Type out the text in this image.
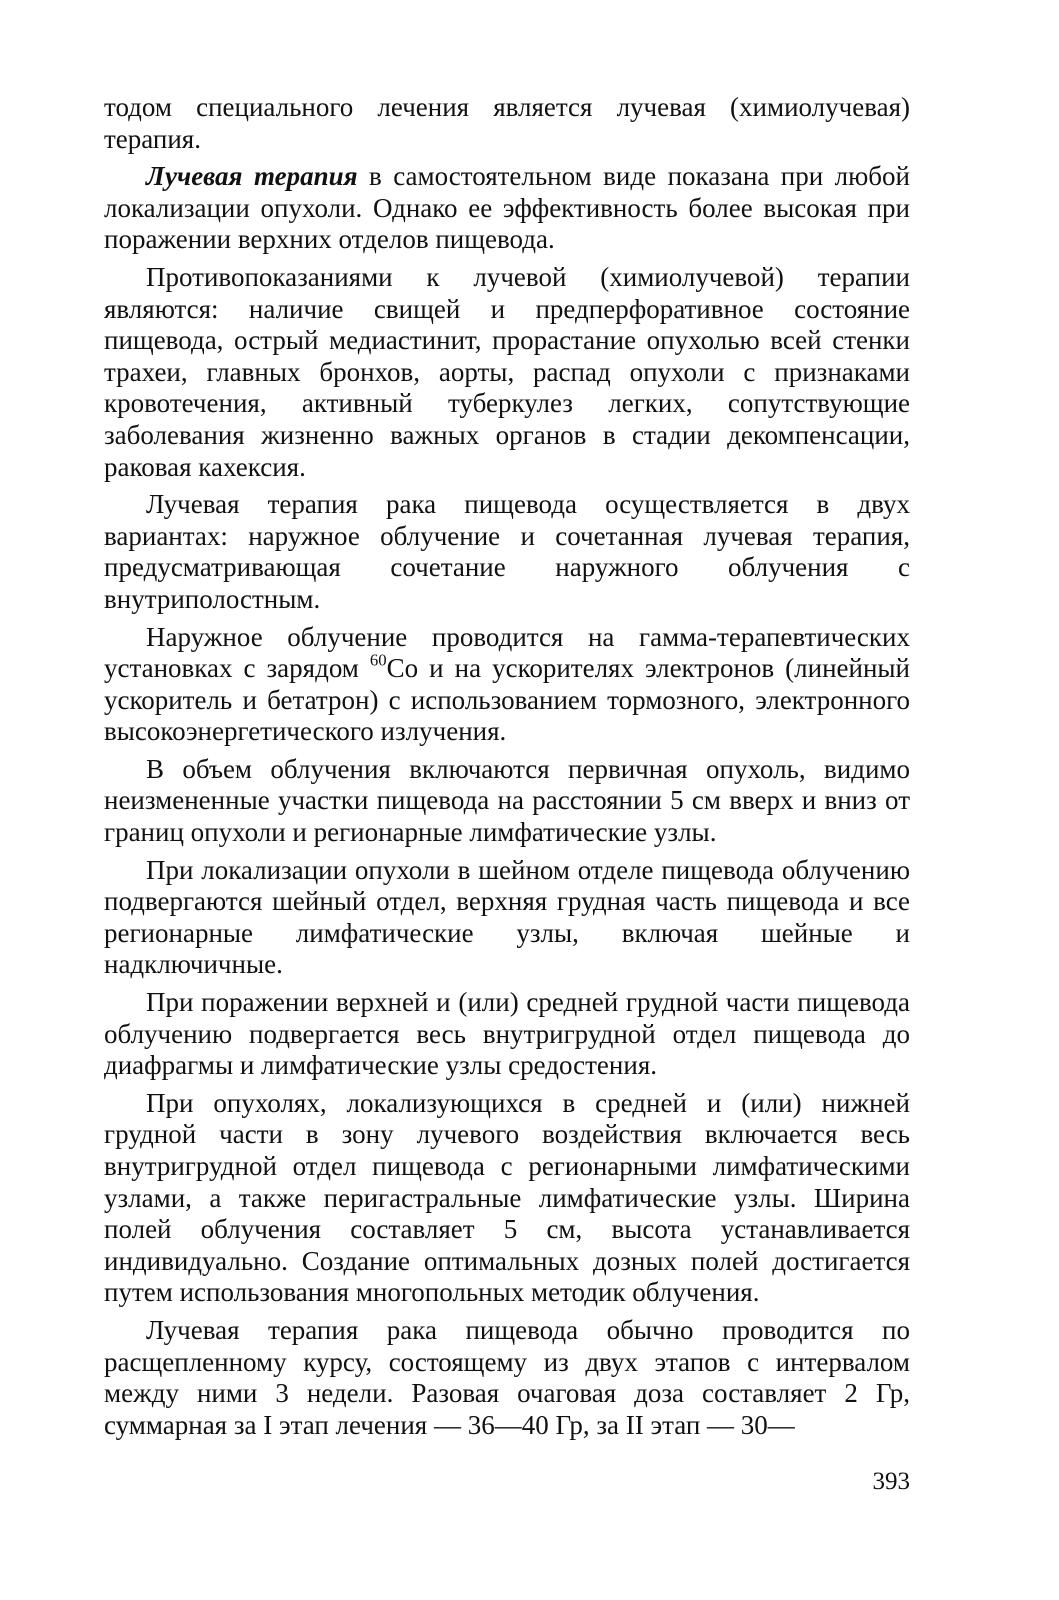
тодом специального лечения является лучевая (химиолучевая) терапия.

Лучевая терапия в самостоятельном виде показана при любой локализации опухоли. Однако ее эффективность более высокая при поражении верхних отделов пищевода.

Противопоказаниями к лучевой (химиолучевой) терапии являются: наличие свищей и предперфоративное состояние пищевода, острый медиастинит, прорастание опухолью всей стенки трахеи, главных бронхов, аорты, распад опухоли с признаками кровотечения, активный туберкулез легких, сопутствующие заболевания жизненно важных органов в стадии декомпенсации, раковая кахексия.

Лучевая терапия рака пищевода осуществляется в двух вариантах: наружное облучение и сочетанная лучевая терапия, предусматривающая сочетание наружного облучения с внутриполостным.

Наружное облучение проводится на гамма-терапевтических установках с зарядом $^{60}$Со и на ускорителях электронов (линейный ускоритель и бетатрон) с использованием тормозного, электронного высокоэнергетического излучения.

В объем облучения включаются первичная опухоль, видимо неизмененные участки пищевода на расстоянии 5 см вверх и вниз от границ опухоли и регионарные лимфатические узлы.

При локализации опухоли в шейном отделе пищевода облучению подвергаются шейный отдел, верхняя грудная часть пищевода и все регионарные лимфатические узлы, включая шейные и надключичные.

При поражении верхней и (или) средней грудной части пищевода облучению подвергается весь внутригрудной отдел пищевода до диафрагмы и лимфатические узлы средостения.

При опухолях, локализующихся в средней и (или) нижней грудной части в зону лучевого воздействия включается весь внутригрудной отдел пищевода с регионарными лимфатическими узлами, а также перигастральные лимфатические узлы. Ширина полей облучения составляет 5 см, высота устанавливается индивидуально. Создание оптимальных дозных полей достигается путем использования многопольных методик облучения.

Лучевая терапия рака пищевода обычно проводится по расщепленному курсу, состоящему из двух этапов с интервалом между ними 3 недели. Разовая очаговая доза составляет 2 Гр, суммарная за I этап лечения — 36—40 Гр, за II этап — 30—

393
